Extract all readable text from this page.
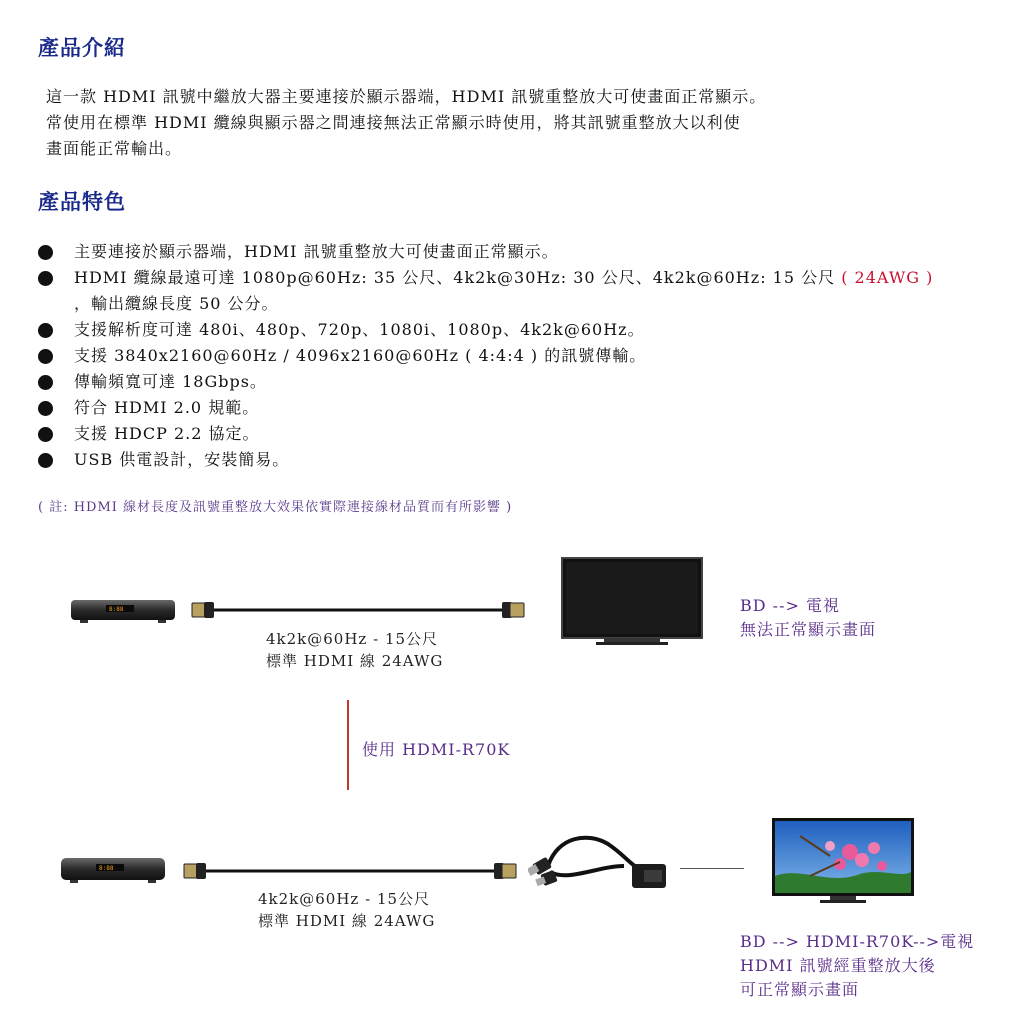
產品介紹
這一款 HDMI 訊號中繼放大器主要連接於顯示器端，HDMI 訊號重整放大可使畫面正常顯示。
常使用在標準 HDMI 纜線與顯示器之間連接無法正常顯示時使用，將其訊號重整放大以利使
畫面能正常輸出。
產品特色
主要連接於顯示器端，HDMI 訊號重整放大可使畫面正常顯示。
HDMI 纜線最遠可達 1080p@60Hz: 35 公尺、4k2k@30Hz: 30 公尺、4k2k@60Hz: 15 公尺 ( 24AWG )
，輸出纜線長度 50 公分。
支援解析度可達 480i、480p、720p、1080i、1080p、4k2k@60Hz。
支援 3840x2160@60Hz / 4096x2160@60Hz ( 4:4:4 ) 的訊號傳輸。
傳輸頻寬可達 18Gbps。
符合 HDMI 2.0 規範。
支援 HDCP 2.2 協定。
USB 供電設計，安裝簡易。
( 註: HDMI 線材長度及訊號重整放大效果依實際連接線材品質而有所影響 )
8:88
4k2k@60Hz - 15公尺
標準 HDMI 線 24AWG
BD --> 電視
無法正常顯示畫面
使用 HDMI-R70K
8:88
4k2k@60Hz - 15公尺
標準 HDMI 線 24AWG
BD --> HDMI-R70K-->電視
HDMI 訊號經重整放大後
可正常顯示畫面
